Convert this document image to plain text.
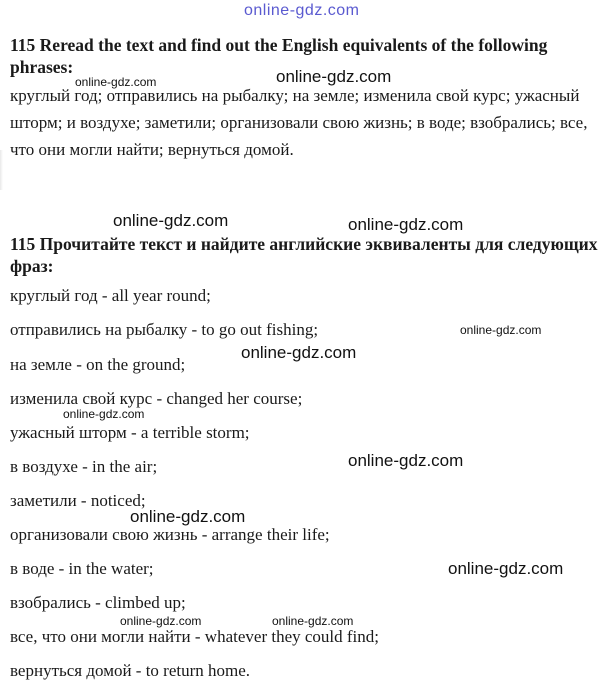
online-gdz.com

115 Reread the text and find out the English equivalents of the following phrases:

круглый год; отправились на рыбалку; на земле; изменила свой курс; ужасный шторм; и воздухе; заметили; организовали свою жизнь; в воде; взобрались; все, что они могли найти; вернуться домой.

115 Прочитайте текст и найдите английские эквиваленты для следующих фраз:

круглый год - all year round;
отправились на рыбалку - to go out fishing;
на земле - on the ground;
изменила свой курс - changed her course;
ужасный шторм - a terrible storm;
в воздухе - in the air;
заметили - noticed;
организовали свою жизнь - arrange their life;
в воде - in the water;
взобрались - climbed up;
все, что они могли найти - whatever they could find;
вернуться домой - to return home.
online-gdz.com	online-gdz.com
online-gdz.com	online-gdz.com
online-gdz.com
online-gdz.com
online-gdz.com
online-gdz.com
online-gdz.com
online-gdz.com
online-gdz.com	online-gdz.com
